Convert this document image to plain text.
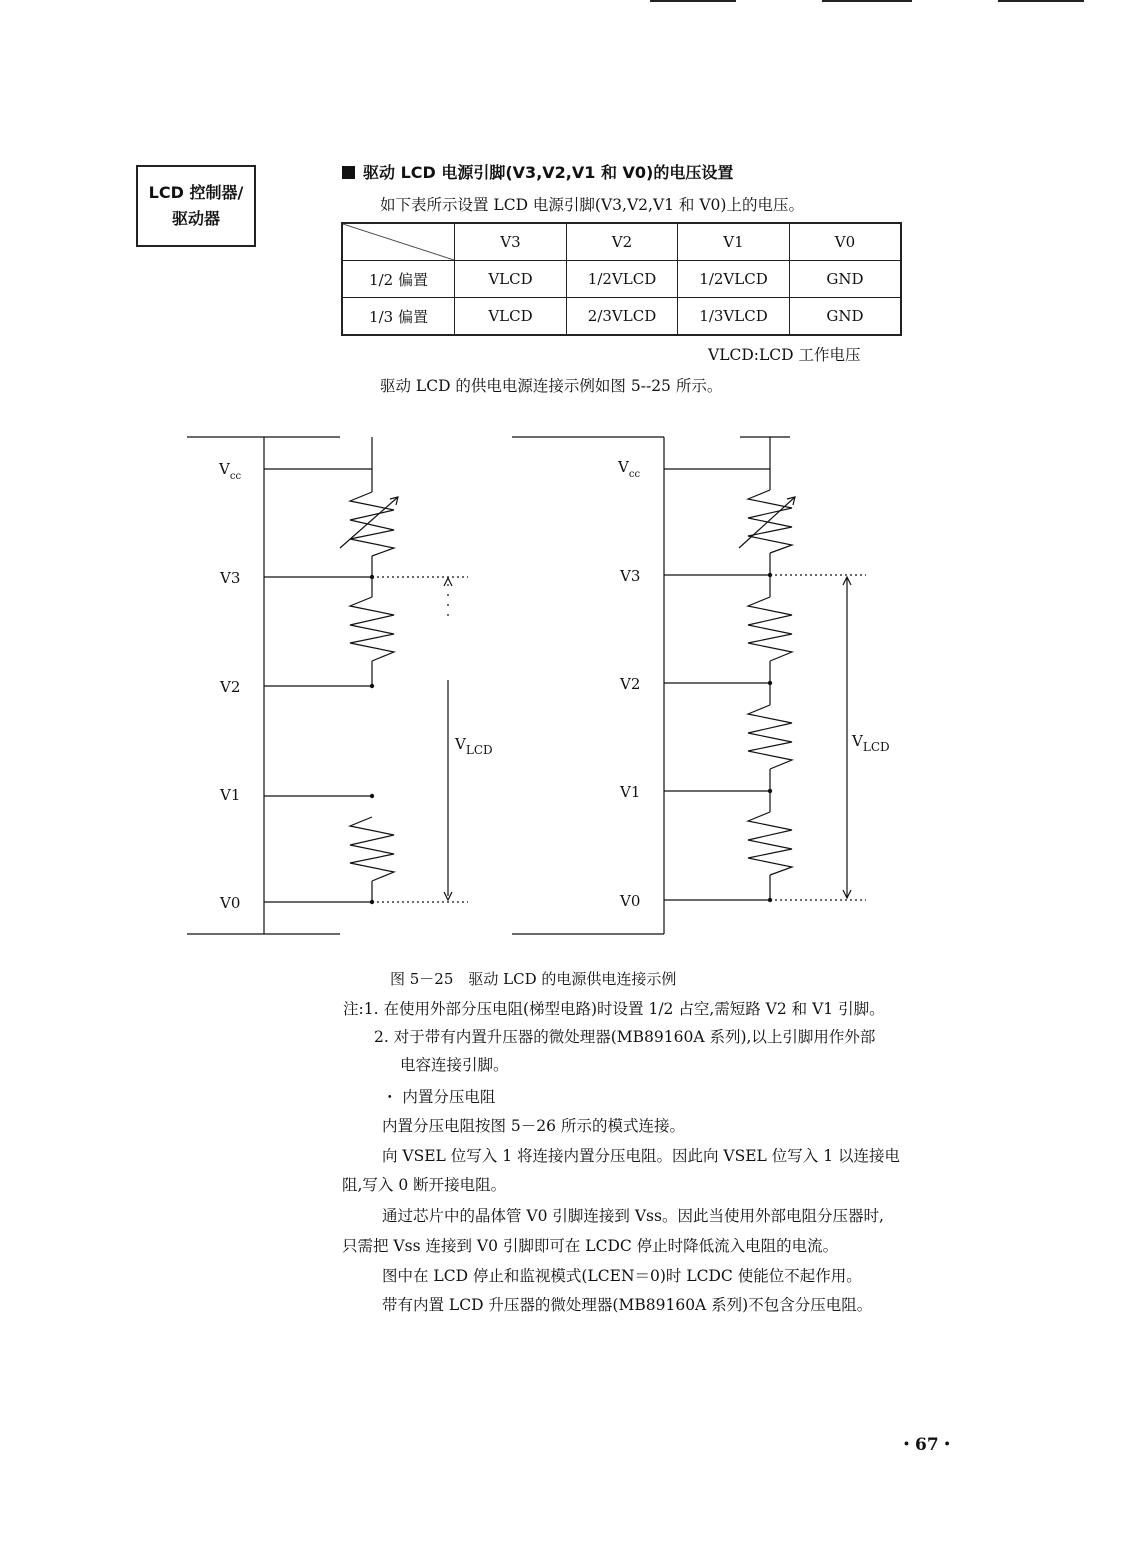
LCD 控制器/
驱动器
驱动 LCD 电源引脚(V3,V2,V1 和 V0)的电压设置
如下表所示设置 LCD 电源引脚(V3,V2,V1 和 V0)上的电压。
	V3	V2	V1	V0
1/2 偏置	VLCD	1/2VLCD	1/2VLCD	GND
1/3 偏置	VLCD	2/3VLCD	1/3VLCD	GND
VLCD:LCD 工作电压
驱动 LCD 的供电电源连接示例如图 5--25 所示。
$V_{cc}$
V3
V2
V1
V0
$V_{LCD}$
$V_{cc}$
V3
V2
V1
V0
$V_{LCD}$
图 5－25　驱动 LCD 的电源供电连接示例
注:1. 在使用外部分压电阻(梯型电路)时设置 1/2 占空,需短路 V2 和 V1 引脚。
2. 对于带有内置升压器的微处理器(MB89160A 系列),以上引脚用作外部
电容连接引脚。
・ 内置分压电阻
内置分压电阻按图 5－26 所示的模式连接。
向 VSEL 位写入 1 将连接内置分压电阻。因此向 VSEL 位写入 1 以连接电
阻,写入 0 断开接电阻。
通过芯片中的晶体管 V0 引脚连接到 Vss。因此当使用外部电阻分压器时,
只需把 Vss 连接到 V0 引脚即可在 LCDC 停止时降低流入电阻的电流。
图中在 LCD 停止和监视模式(LCEN＝0)时 LCDC 使能位不起作用。
带有内置 LCD 升压器的微处理器(MB89160A 系列)不包含分压电阻。
・67・
